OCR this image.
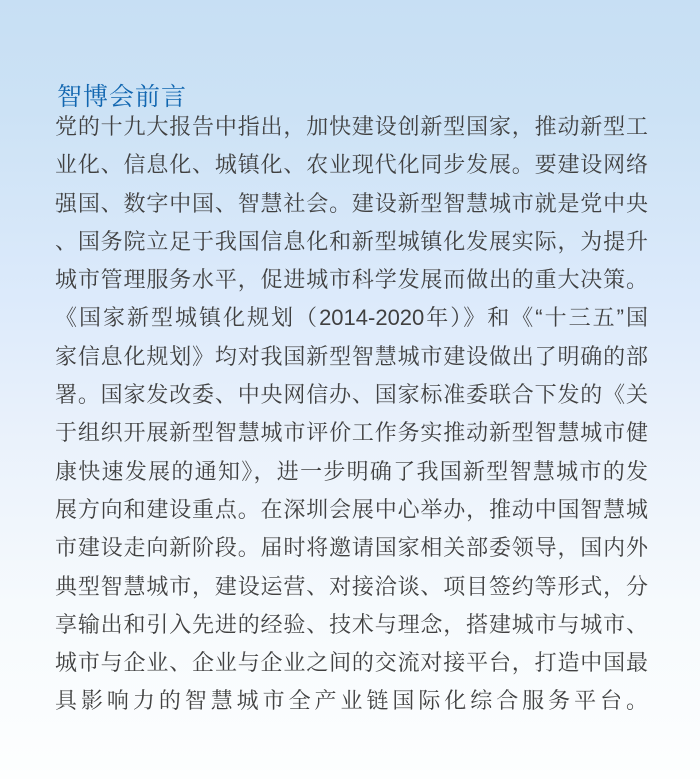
智博会前言
党的十九大报告中指出，加快建设创新型国家，推动新型工
业化、信息化、城镇化、农业现代化同步发展。要建设网络
强国、数字中国、智慧社会。建设新型智慧城市就是党中央
、国务院立足于我国信息化和新型城镇化发展实际，为提升
城市管理服务水平，促进城市科学发展而做出的重大决策。
《国家新型城镇化规划（2014-2020年）》和《“十三五”国
家信息化规划》均对我国新型智慧城市建设做出了明确的部
署。国家发改委、中央网信办、国家标准委联合下发的《关
于组织开展新型智慧城市评价工作务实推动新型智慧城市健
康快速发展的通知》，进一步明确了我国新型智慧城市的发
展方向和建设重点。在深圳会展中心举办，推动中国智慧城
市建设走向新阶段。届时将邀请国家相关部委领导，国内外
典型智慧城市，建设运营、对接洽谈、项目签约等形式，分
享输出和引入先进的经验、技术与理念，搭建城市与城市、
城市与企业、企业与企业之间的交流对接平台，打造中国最
具影响力的智慧城市全产业链国际化综合服务平台。
